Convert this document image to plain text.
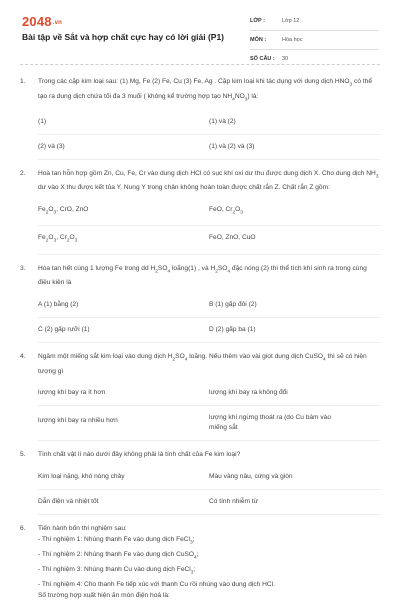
2048.vn
Bài tập về Sắt và hợp chất cực hay có lời giải (P1)
LỚP :	Lớp 12
MÔN :	Hóa học
SỐ CÂU :	30
1.	Trong các cặp kim loại sau: (1) Mg, Fe (2) Fe, Cu (3) Fe, Ag . Cặp kim loại khi tác dụng với dung dịch $HNO_3$ có thể tạo ra dung dịch chứa tối đa 3 muối ( không kể trường hợp tạo $NH_4NO_3$) là:
(1)	(1) và (2)
(2) và (3)	(1) và (2) và (3)
2.	Hoà tan hỗn hợp gồm Zn, Cu, Fe, Cr vào dung dịch HCl có sục khí oxi dư thu được dung dịch X. Cho dung dịch $NH_3$ dư vào X thu được kết tủa Y. Nung Y trong chân không hoàn toàn được chất rắn Z. Chất rắn Z gồm:
$Fe_2O_3$, CrO, ZnO	FeO, $Cr_2O_3$
$Fe_2O_3$, $Cr_2O_3$	FeO, ZnO, CuO
3.	Hòa tan hết cùng 1 lượng Fe trong dd $H_2SO_4$ loãng(1) , và $H_2SO_4$ đặc nóng (2) thì thể tích khí sinh ra trong cùng điều kiện là
A (1) bằng (2)	B (1) gấp đôi (2)
C (2) gấp rưỡi (1)	D (2) gấp ba (1)
4.	Ngâm một miếng sắt kim loại vào dung dịch $H_2SO_4$ loãng. Nếu thêm vào vài giọt dung dịch CuSO$_4$ thì sẽ có hiện tượng gì
lượng khí bay ra ít hơn	lượng khí bay ra không đổi
lượng khí bay ra nhiều hơn	lượng khí ngừng thoát ra (do Cu bám vào miếng sắt
5.	Tính chất vật lí nào dưới đây không phải là tính chất của Fe kim loại?
Kim loại nặng, khó nóng chảy	Màu vàng nâu, cứng và giòn
Dẫn điện và nhiệt tốt	Có tính nhiễm từ
6.	Tiến hành bốn thí nghiệm sau:
- Thí nghiệm 1: Nhúng thanh Fe vào dung dịch FeCl$_3$;
- Thí nghiệm 2: Nhúng thanh Fe vào dung dịch CuSO$_4$;
- Thí nghiệm 3: Nhúng thanh Cu vào dung dịch FeCl$_3$;
- Thí nghiệm 4: Cho thanh Fe tiếp xúc với thanh Cu rồi nhúng vào dung dịch HCl.
Số trường hợp xuất hiện ăn mòn điện hoá là:
